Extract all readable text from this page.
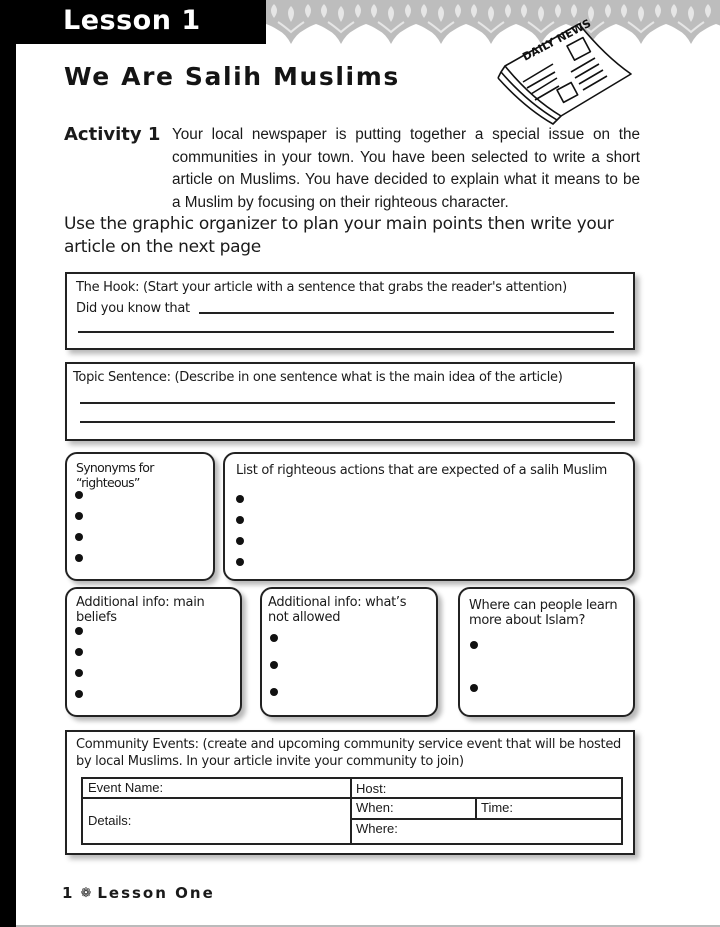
Lesson 1
We Are Salih Muslims
DAILY NEWS
Activity 1 Your local newspaper is putting together a special issue on the communities in your town. You have been selected to write a short article on Muslims. You have decided to explain what it means to be a Muslim by focusing on their righteous character.
Use the graphic organizer to plan your main points then write your article on the next page
The Hook: (Start your article with a sentence that grabs the reader's attention)
Did you know that
Topic Sentence: (Describe in one sentence what is the main idea of the article)
Synonyms for “righteous”
List of righteous actions that are expected of a salih Muslim
Additional info: main beliefs
Additional info: what’s not allowed
Where can people learn more about Islam?
Community Events: (create and upcoming community service event that will be hosted by local Muslims. In your article invite your community to join)
Event Name:	Host:
Details:
When:	Time:
Where:
1 ❁ Lesson One
